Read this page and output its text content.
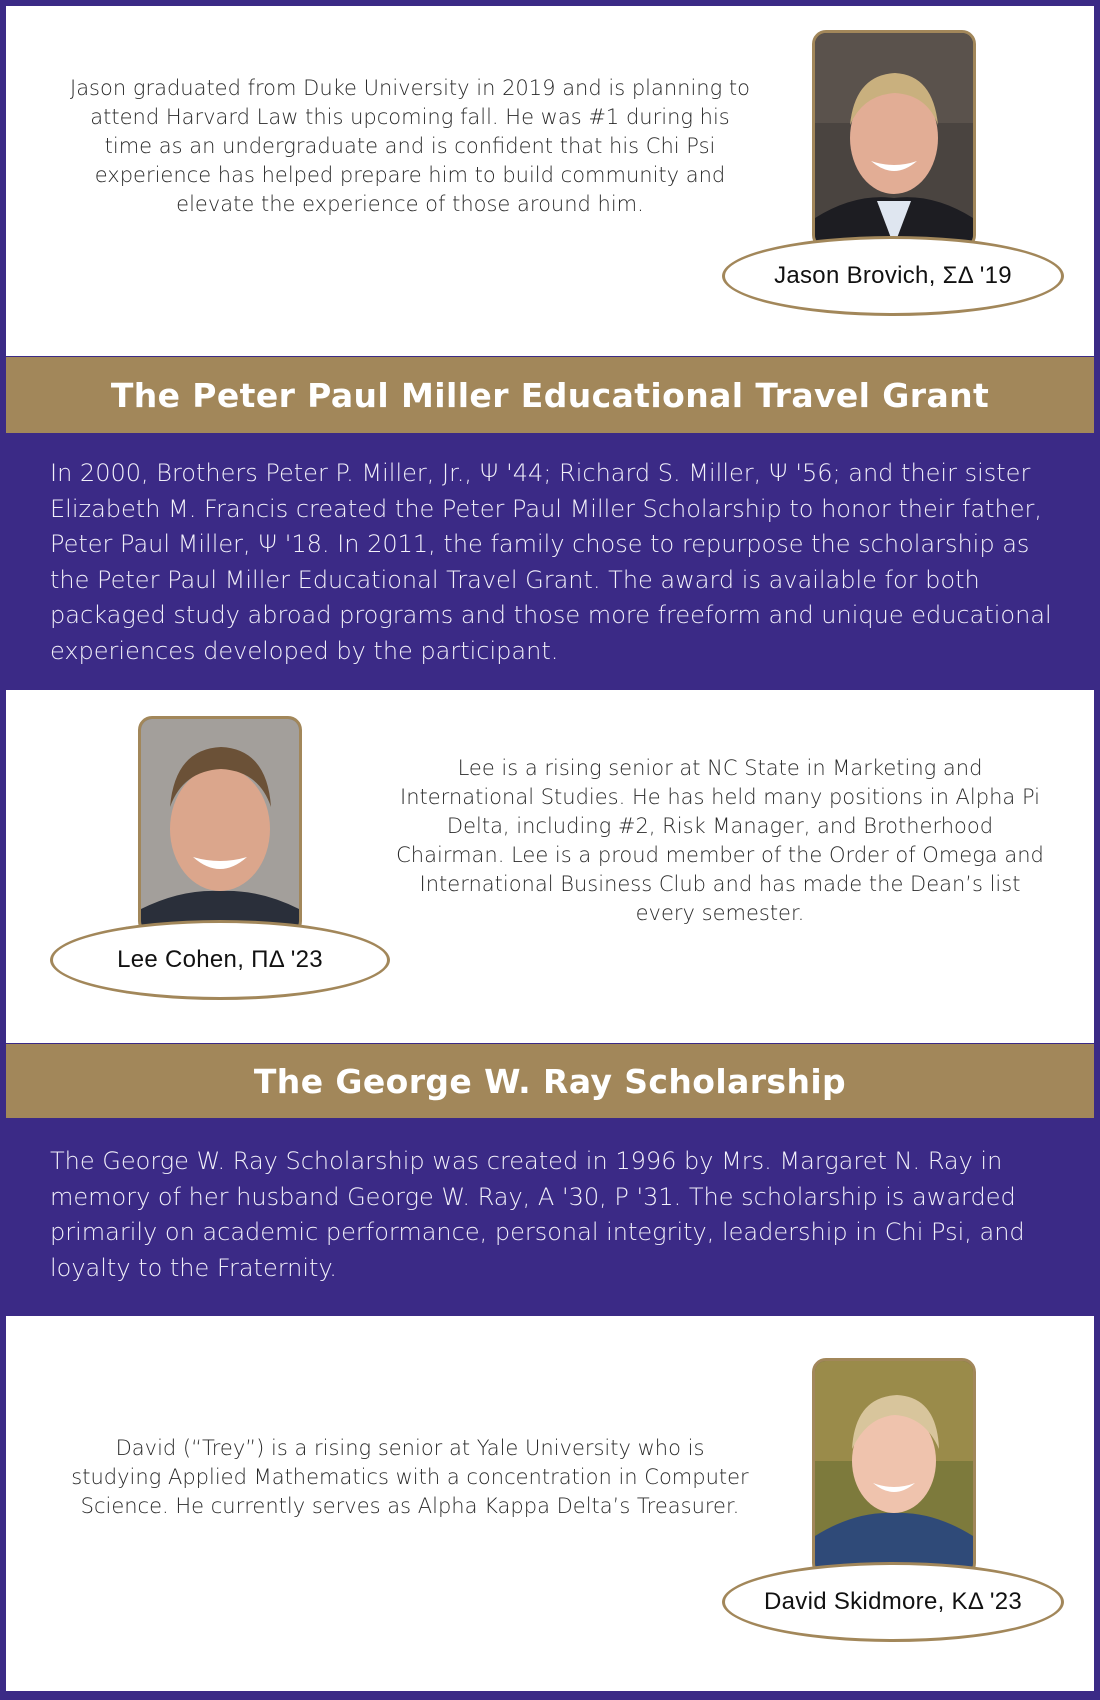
Jason graduated from Duke University in 2019 and is planning to attend Harvard Law this upcoming fall. He was #1 during his time as an undergraduate and is confident that his Chi Psi experience has helped prepare him to build community and elevate the experience of those around him.
Jason Brovich, ΣΔ '19
The Peter Paul Miller Educational Travel Grant
In 2000, Brothers Peter P. Miller, Jr., Ψ '44; Richard S. Miller, Ψ '56; and their sister Elizabeth M. Francis created the Peter Paul Miller Scholarship to honor their father, Peter Paul Miller, Ψ '18. In 2011, the family chose to repurpose the scholarship as the Peter Paul Miller Educational Travel Grant. The award is available for both packaged study abroad programs and those more freeform and unique educational experiences developed by the participant.
Lee is a rising senior at NC State in Marketing and International Studies. He has held many positions in Alpha Pi Delta, including #2, Risk Manager, and Brotherhood Chairman. Lee is a proud member of the Order of Omega and International Business Club and has made the Dean’s list every semester.
Lee Cohen, ΠΔ '23
The George W. Ray Scholarship
The George W. Ray Scholarship was created in 1996 by Mrs. Margaret N. Ray in memory of her husband George W. Ray, A '30, P '31. The scholarship is awarded primarily on academic performance, personal integrity, leadership in Chi Psi, and loyalty to the Fraternity.
David (“Trey”) is a rising senior at Yale University who is studying Applied Mathematics with a concentration in Computer Science. He currently serves as Alpha Kappa Delta’s Treasurer.
David Skidmore, KΔ '23
